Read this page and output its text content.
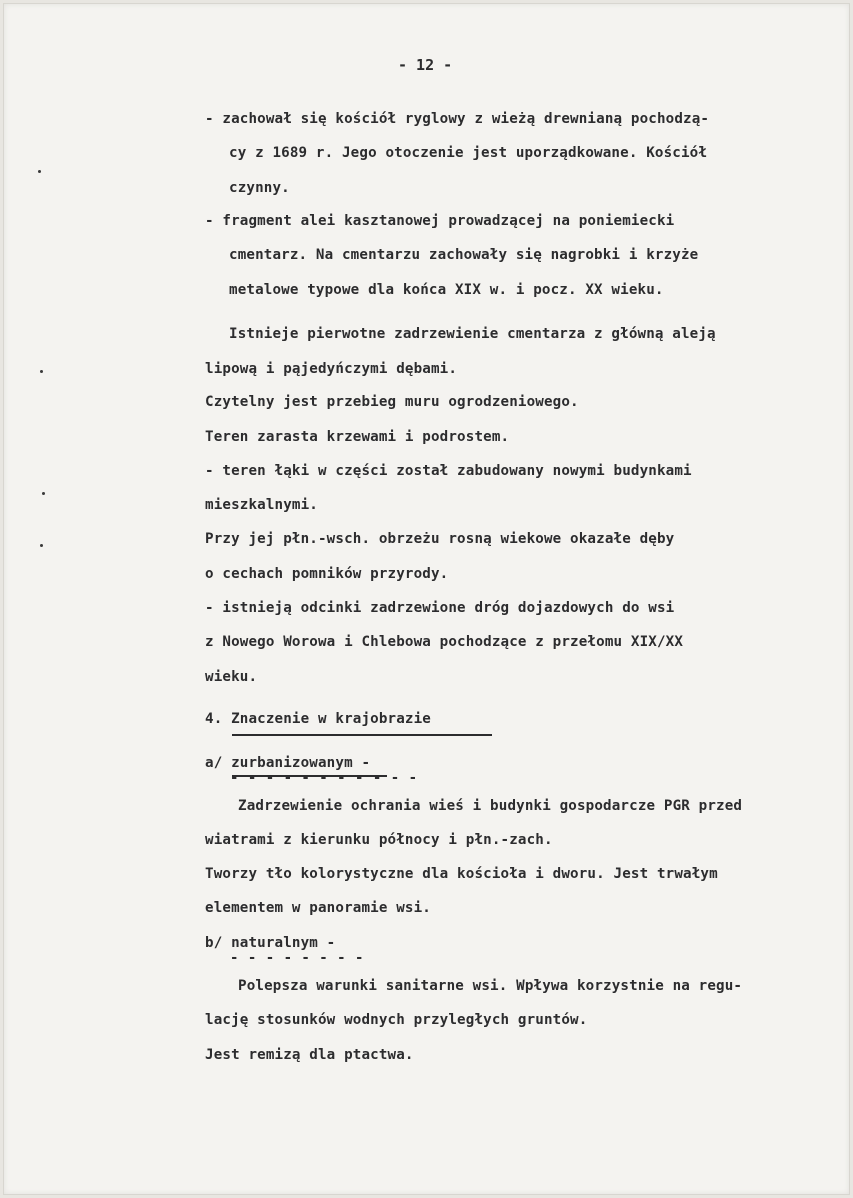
- 12 -

- zachował się kościół ryglowy z wieżą drewnianą pochodzą-
cy z 1689 r. Jego otoczenie jest uporządkowane. Kościół
czynny.
- fragment alei kasztanowej prowadzącej na poniemiecki
cmentarz. Na cmentarzu zachowały się nagrobki i krzyże
metalowe typowe dla końca XIX w. i pocz. XX wieku.
Istnieje pierwotne zadrzewienie cmentarza z główną aleją
lipową i pąjedyńczymi dębami.
Czytelny jest przebieg muru ogrodzeniowego.
Teren zarasta krzewami i podrostem.
- teren łąki w części został zabudowany nowymi budynkami
mieszkalnymi.
Przy jej płn.-wsch. obrzeżu rosną wiekowe okazałe dęby
o cechach pomników przyrody.
- istnieją odcinki zadrzewione dróg dojazdowych do wsi
z Nowego Worowa i Chlebowa pochodzące z przełomu XIX/XX
wieku.
4. Znaczenie w krajobrazie
a/ zurbanizowanym -
- - - - - - - - - - -
Zadrzewienie ochrania wieś i budynki gospodarcze PGR przed
wiatrami z kierunku północy i płn.-zach.
Tworzy tło kolorystyczne dla kościoła i dworu. Jest trwałym
elementem w panoramie wsi.
b/ naturalnym -
- - - - - - - -
Polepsza warunki sanitarne wsi. Wpływa korzystnie na regu-
lację stosunków wodnych przyległych gruntów.
Jest remizą dla ptactwa.
